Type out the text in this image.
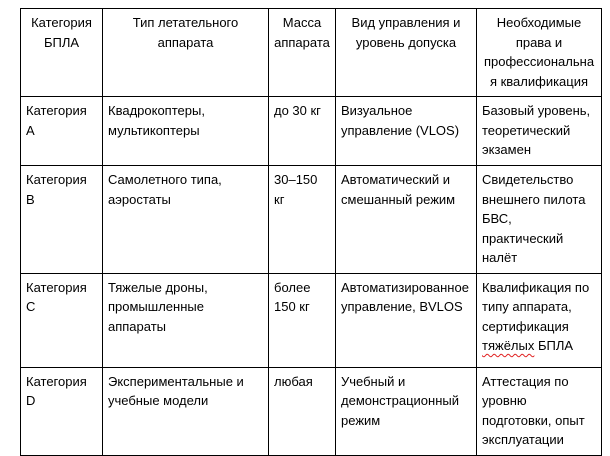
Категория БПЛА	Тип летательного аппарата	Масса аппарата	Вид управления и уровень допуска	Необходимые права и профессиональная квалификация
Категория A	Квадрокоптеры, мультикоптеры	до 30 кг	Визуальное управление (VLOS)	Базовый уровень, теоретический экзамен
Категория B	Самолетного типа, аэростаты	30–150 кг	Автоматический и смешанный режим	Свидетельство внешнего пилота БВС, практический налёт
Категория C	Тяжелые дроны, промышленные аппараты	более 150 кг	Автоматизированное управление, BVLOS	Квалификация по типу аппарата, сертификация тяжёлых БПЛА
Категория D	Экспериментальные и учебные модели	любая	Учебный и демонстрационный режим	Аттестация по уровню подготовки, опыт эксплуатации
